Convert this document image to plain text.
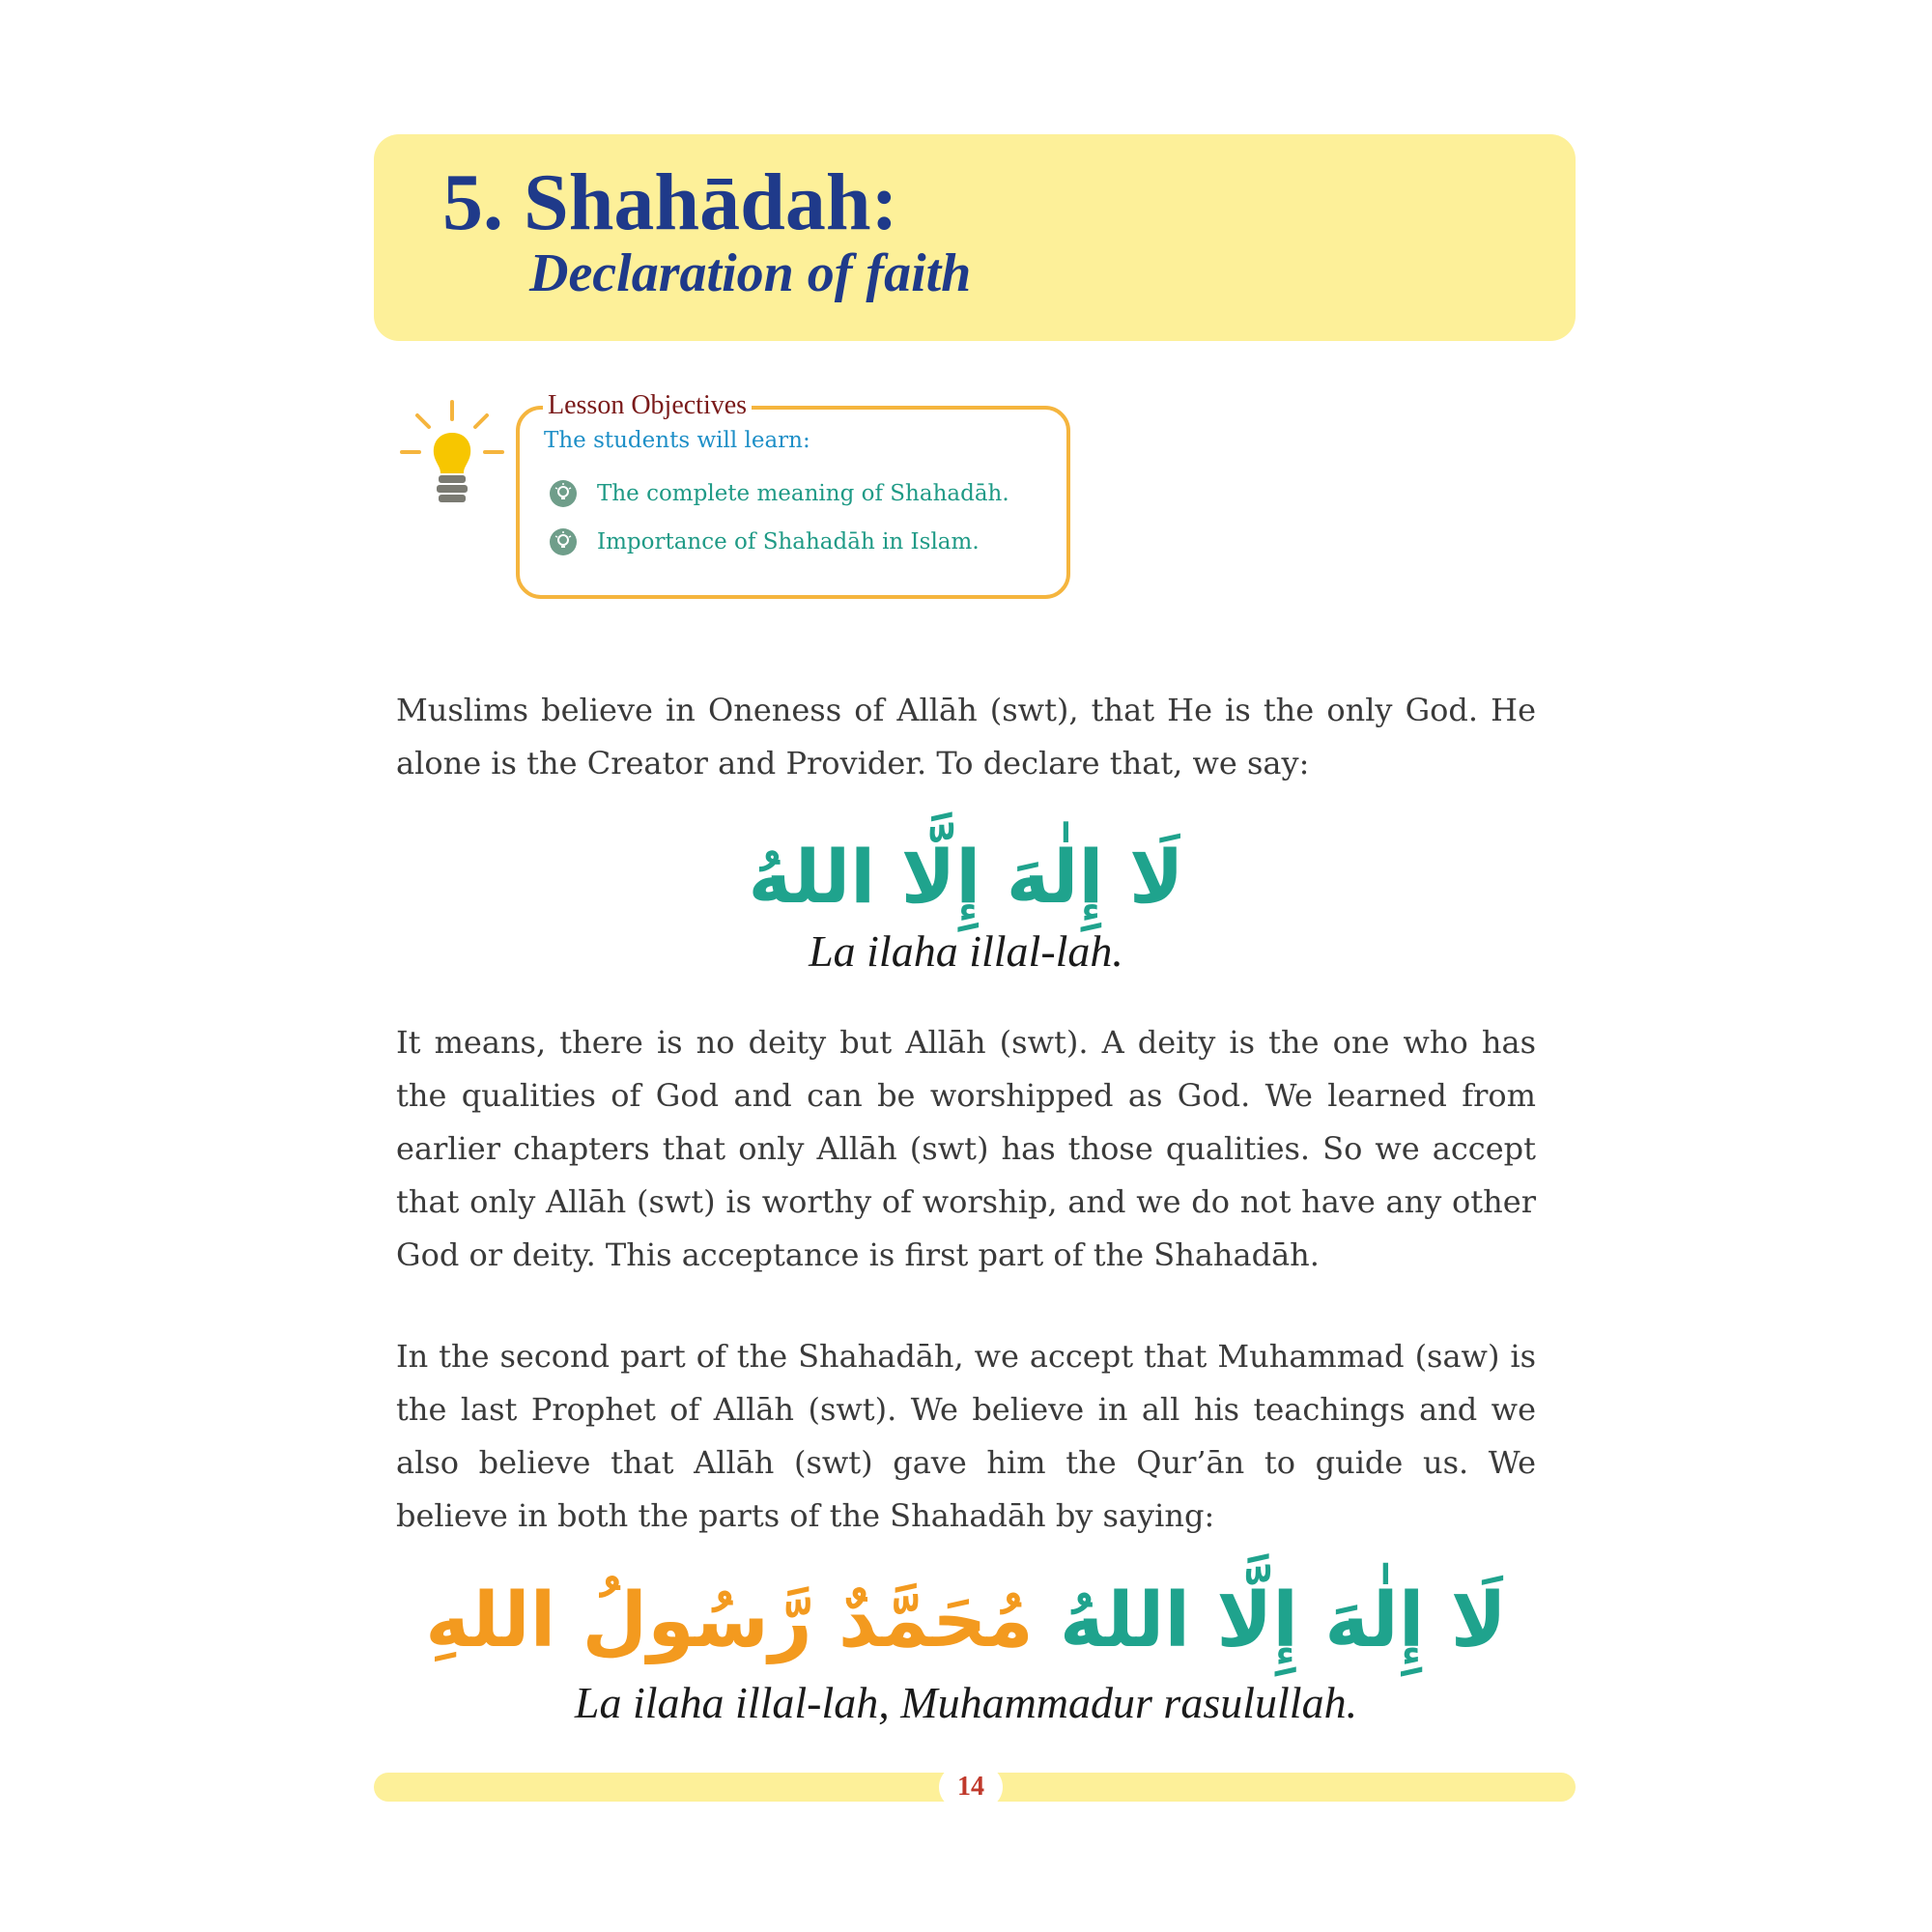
5. Shahādah:
Declaration of faith
Lesson Objectives
The students will learn:
The complete meaning of Shahadāh.
Importance of Shahadāh in Islam.

Muslims believe in Oneness of Allāh (swt), that He is the only God. He alone is the Creator and Provider. To declare that, we say:

لَا إِلٰهَ إِلَّا اللهُ
La ilaha illal-lah.

It means, there is no deity but Allāh (swt). A deity is the one who has the qualities of God and can be worshipped as God. We learned from earlier chapters that only Allāh (swt) has those qualities. So we accept that only Allāh (swt) is worthy of worship, and we do not have any other God or deity. This acceptance is first part of the Shahadāh.

In the second part of the Shahadāh, we accept that Muhammad (saw) is the last Prophet of Allāh (swt). We believe in all his teachings and we also believe that Allāh (swt) gave him the Qur’ān to guide us. We believe in both the parts of the Shahadāh by saying:

لَا إِلٰهَ إِلَّا اللهُ مُحَمَّدٌ رَّسُولُ اللهِ
La ilaha illal-lah, Muhammadur rasulullah.
14
